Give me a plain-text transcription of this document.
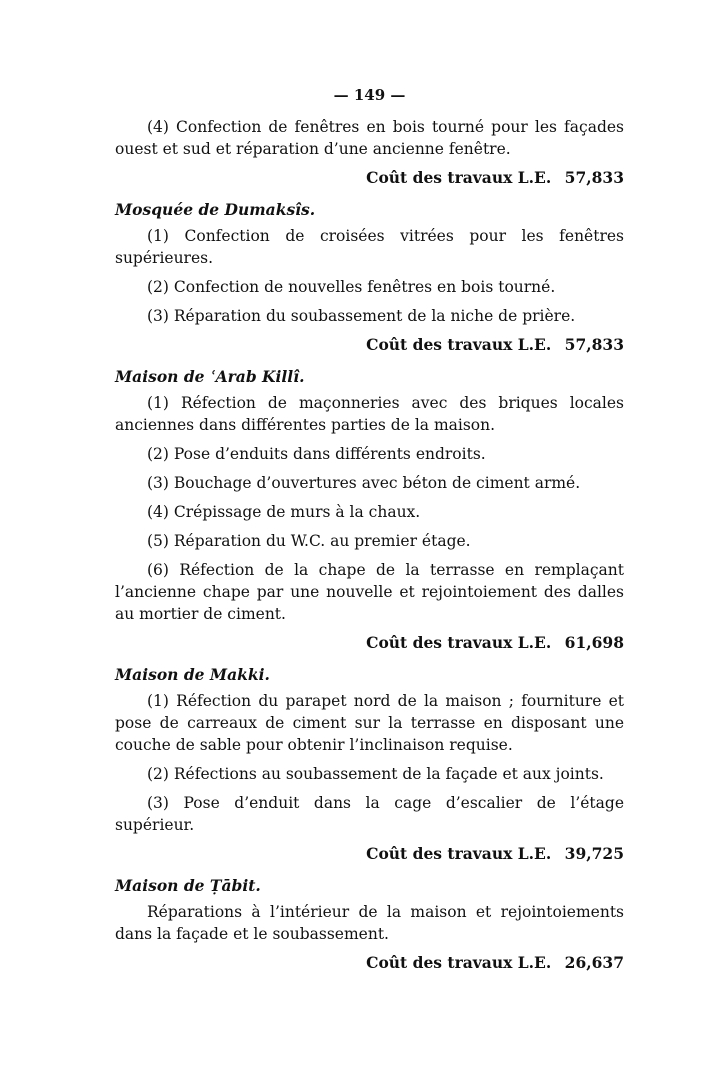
— 149 —

(4) Confection de fenêtres en bois tourné pour les façades ouest et sud et réparation d’une ancienne fenêtre.

Coût des travaux L.E. 57,833
Mosquée de Dumaksîs.

(1) Confection de croisées vitrées pour les fenêtres supérieures.

(2) Confection de nouvelles fenêtres en bois tourné.

(3) Réparation du soubassement de la niche de prière.

Coût des travaux L.E. 57,833
Maison de ʿArab Killî.

(1) Réfection de maçonneries avec des briques locales anciennes dans différentes parties de la maison.

(2) Pose d’enduits dans différents endroits.

(3) Bouchage d’ouvertures avec béton de ciment armé.

(4) Crépissage de murs à la chaux.

(5) Réparation du W.C. au premier étage.

(6) Réfection de la chape de la terrasse en remplaçant l’ancienne chape par une nouvelle et rejointoiement des dalles au mortier de ciment.

Coût des travaux L.E. 61,698
Maison de Makki.

(1) Réfection du parapet nord de la maison ; fourniture et pose de carreaux de ciment sur la terrasse en disposant une couche de sable pour obtenir l’inclinaison requise.

(2) Réfections au soubassement de la façade et aux joints.

(3) Pose d’enduit dans la cage d’escalier de l’étage supérieur.

Coût des travaux L.E. 39,725
Maison de Ṭābit.

Réparations à l’intérieur de la maison et rejointoiements dans la façade et le soubassement.

Coût des travaux L.E. 26,637
